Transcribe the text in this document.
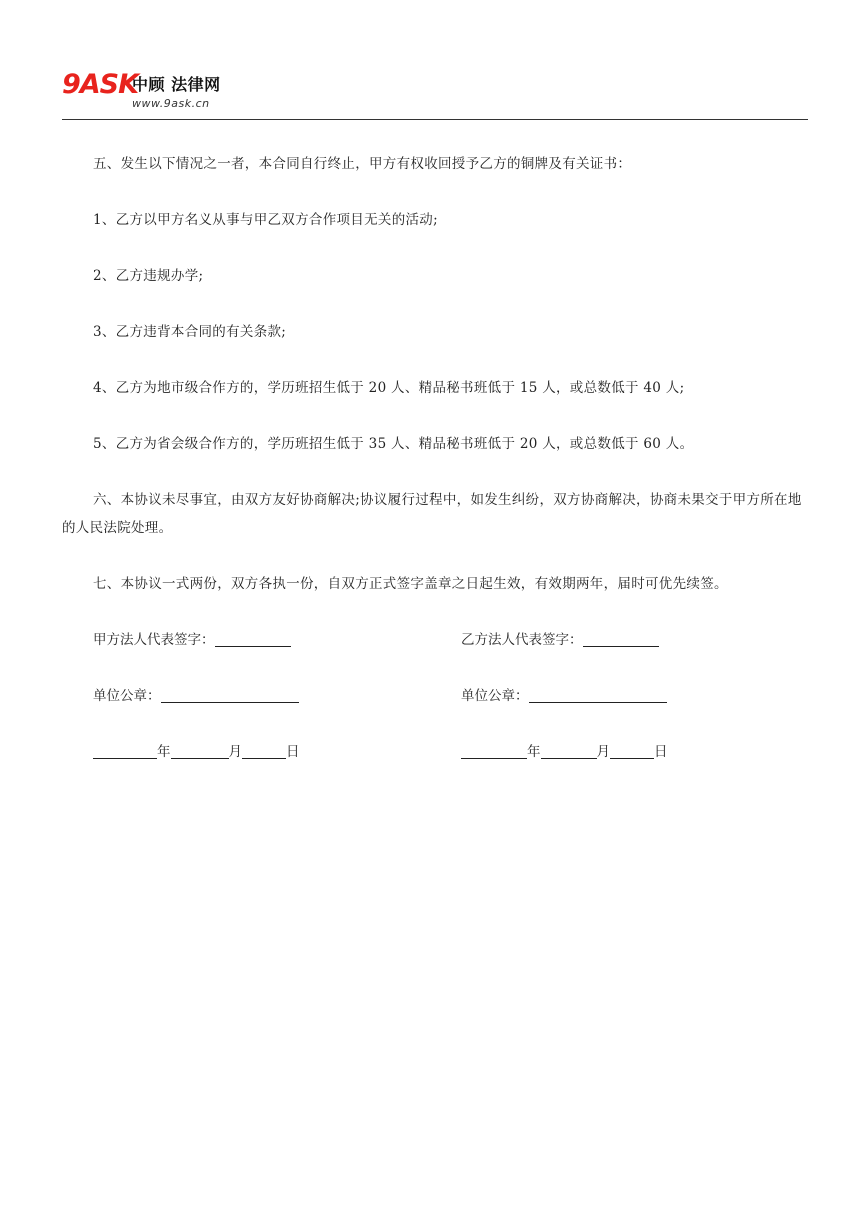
9ASK
中顾 法律网
www.9ask.cn

五、发生以下情况之一者，本合同自行终止，甲方有权收回授予乙方的铜牌及有关证书：

1、乙方以甲方名义从事与甲乙双方合作项目无关的活动;

2、乙方违规办学;

3、乙方违背本合同的有关条款;

4、乙方为地市级合作方的，学历班招生低于 20 人、精品秘书班低于 15 人，或总数低于 40 人;

5、乙方为省会级合作方的，学历班招生低于 35 人、精品秘书班低于 20 人，或总数低于 60 人。

六、本协议未尽事宜，由双方友好协商解决;协议履行过程中，如发生纠纷，双方协商解决，协商未果交于甲方所在地的人民法院处理。

七、本协议一式两份，双方各执一份，自双方正式签字盖章之日起生效，有效期两年，届时可优先续签。

甲方法人代表签字：	乙方法人代表签字：
单位公章：	单位公章：
年	月	日	年	月	日
